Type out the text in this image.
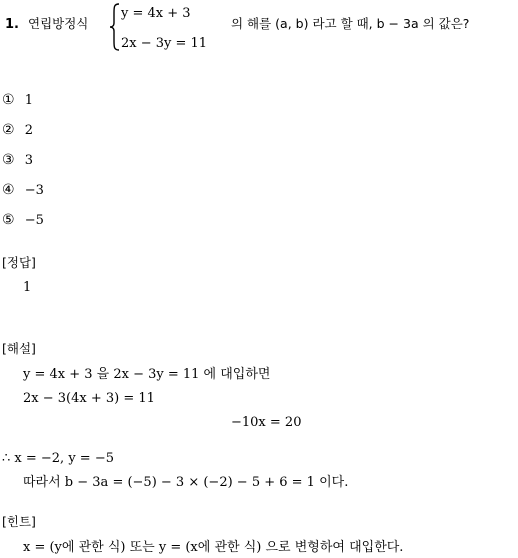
1. 연립방정식
y = 4x + 3
2x − 3y = 11
의 해를 (a, b) 라고 할 때, b − 3a 의 값은?
① 1
② 2
③ 3
④ −3
⑤ −5
[정답]
1
[해설]
y = 4x + 3 을 2x − 3y = 11 에 대입하면
2x − 3(4x + 3) = 11
−10x = 20
∴ x = −2, y = −5
따라서 b − 3a = (−5) − 3 × (−2) − 5 + 6 = 1 이다.
[힌트]
x = (y에 관한 식) 또는 y = (x에 관한 식) 으로 변형하여 대입한다.
